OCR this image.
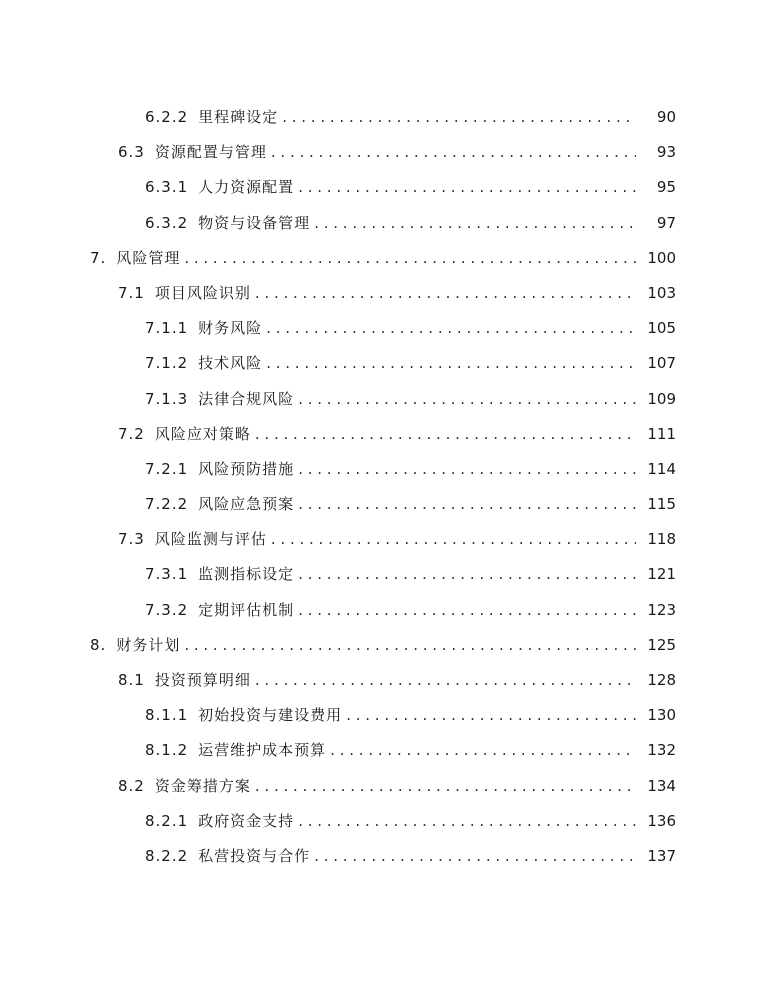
6.2.2 里程碑设定 . . .	90
6.3 资源配置与管理 . . .	93
6.3.1 人力资源配置 . . .	95
6.3.2 物资与设备管理 . . .	97
7. 风险管理 . . .	100
7.1 项目风险识别 . . .	103
7.1.1 财务风险 . . .	105
7.1.2 技术风险 . . .	107
7.1.3 法律合规风险 . . .	109
7.2 风险应对策略 . . .	111
7.2.1 风险预防措施 . . .	114
7.2.2 风险应急预案 . . .	115
7.3 风险监测与评估 . . .	118
7.3.1 监测指标设定 . . .	121
7.3.2 定期评估机制 . . .	123
8. 财务计划 . . .	125
8.1 投资预算明细 . . .	128
8.1.1 初始投资与建设费用 . . .	130
8.1.2 运营维护成本预算 . . .	132
8.2 资金筹措方案 . . .	134
8.2.1 政府资金支持 . . .	136
8.2.2 私营投资与合作 . . .	137
